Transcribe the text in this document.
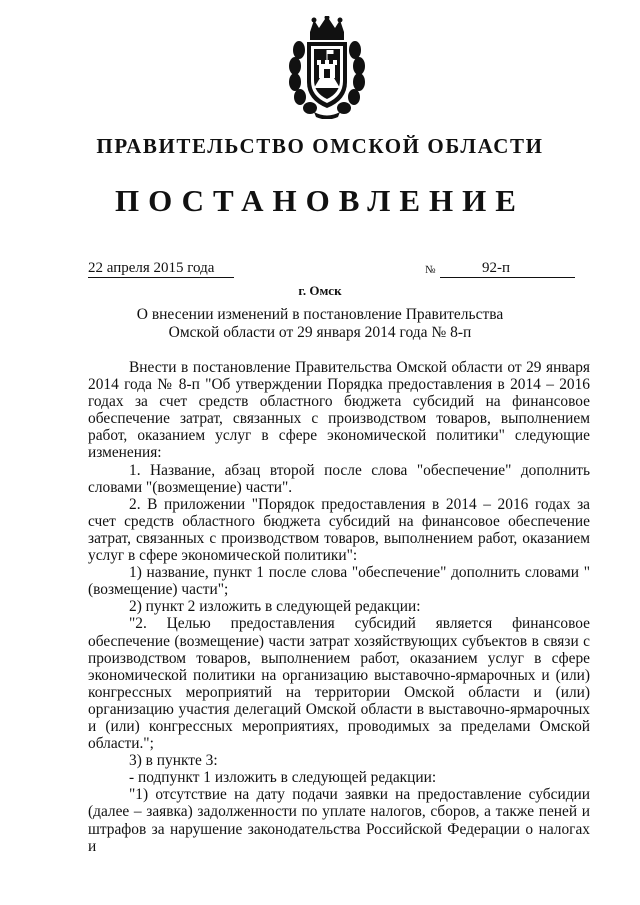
ПРАВИТЕЛЬСТВО ОМСКОЙ ОБЛАСТИ
ПОСТАНОВЛЕНИЕ
22 апреля 2015 года	№	92-п
г. Омск
О внесении изменений в постановление Правительства
Омской области от 29 января 2014 года № 8-п

Внести в постановление Правительства Омской области от 29 января 2014 года № 8-п "Об утверждении Порядка предоставления в 2014 – 2016 годах за счет средств областного бюджета субсидий на финансовое обеспечение затрат, связанных с производством товаров, выполнением работ, оказанием услуг в сфере экономической политики" следующие изменения:

1. Название, абзац второй после слова "обеспечение" дополнить словами "(возмещение) части".

2. В приложении "Порядок предоставления в 2014 – 2016 годах за счет средств областного бюджета субсидий на финансовое обеспечение затрат, связанных с производством товаров, выполнением работ, оказанием услуг в сфере экономической политики":

1) название, пункт 1 после слова "обеспечение" дополнить словами "(возмещение) части";

2) пункт 2 изложить в следующей редакции:

"2. Целью предоставления субсидий является финансовое обеспечение (возмещение) части затрат хозяйствующих субъектов в связи с производством товаров, выполнением работ, оказанием услуг в сфере экономической политики на организацию выставочно-ярмарочных и (или) конгрессных мероприятий на территории Омской области и (или) организацию участия делегаций Омской области в выставочно-ярмарочных и (или) конгрессных мероприятиях, проводимых за пределами Омской области.";

3) в пункте 3:

- подпункт 1 изложить в следующей редакции:

"1) отсутствие на дату подачи заявки на предоставление субсидии (далее – заявка) задолженности по уплате налогов, сборов, а также пеней и штрафов за нарушение законодательства Российской Федерации о налогах и
